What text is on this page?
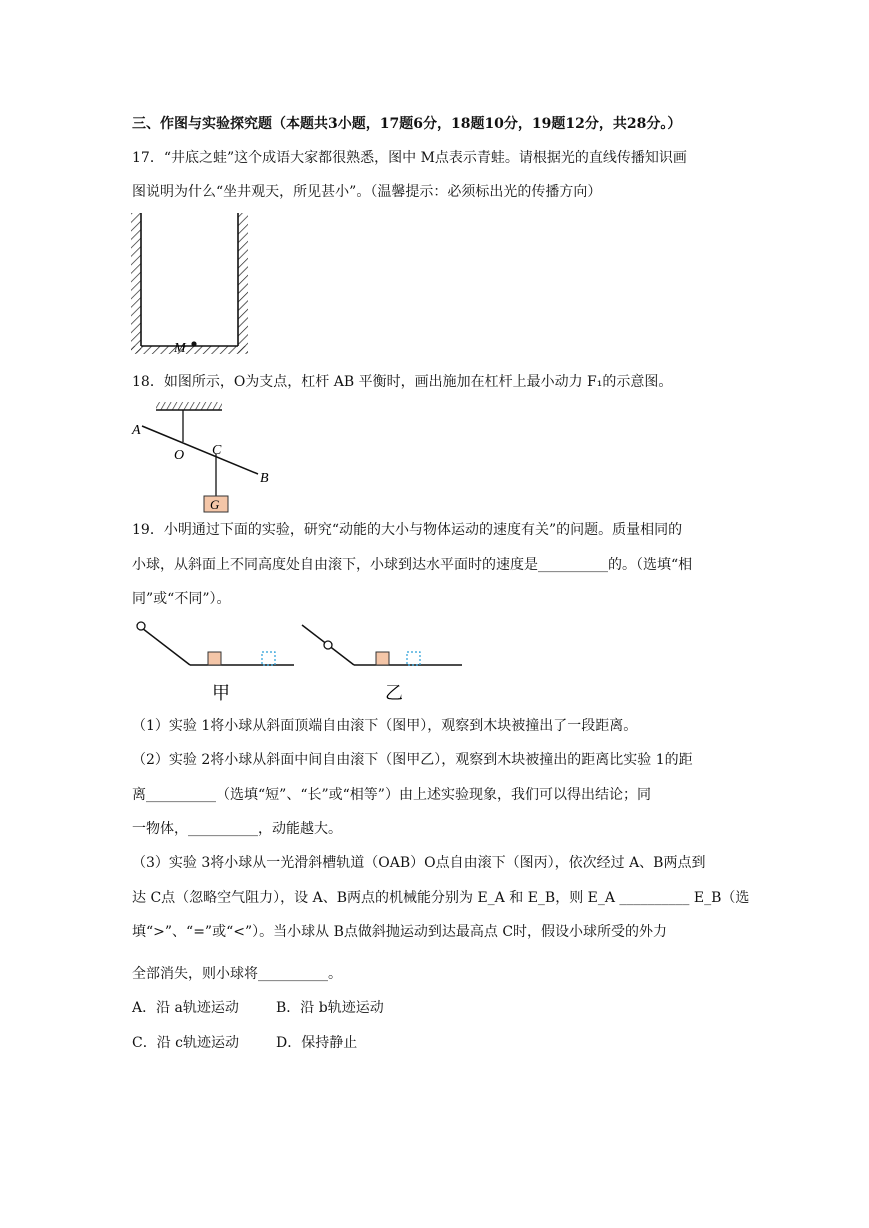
三、作图与实验探究题（本题共3小题，17题6分，18题10分，19题12分，共28分。）
17．“井底之蛙”这个成语大家都很熟悉，图中 M点表示青蛙。请根据光的直线传播知识画
图说明为什么“坐井观天，所见甚小”。（温馨提示：必须标出光的传播方向）
M
18．如图所示，O为支点，杠杆 AB 平衡时，画出施加在杠杆上最小动力 F₁的示意图。
A
O C
B
G
19．小明通过下面的实验，研究“动能的大小与物体运动的速度有关”的问题。质量相同的
小球，从斜面上不同高度处自由滚下，小球到达水平面时的速度是__________的。（选填“相
同”或“不同”）。
甲	乙
（1）实验 1将小球从斜面顶端自由滚下（图甲），观察到木块被撞出了一段距离。
（2）实验 2将小球从斜面中间自由滚下（图甲乙），观察到木块被撞出的距离比实验 1的距
离__________（选填“短”、“长”或“相等”）由上述实验现象，我们可以得出结论；同
一物体，__________，动能越大。
（3）实验 3将小球从一光滑斜槽轨道（OAB）O点自由滚下（图丙），依次经过 A、B两点到
达 C点（忽略空气阻力），设 A、B两点的机械能分别为 E_A 和 E_B，则 E_A __________ E_B（选
填“>”、“=”或“<”）。当小球从 B点做斜抛运动到达最高点 C时，假设小球所受的外力
全部消失，则小球将__________。
A．沿 a轨迹运动	B．沿 b轨迹运动
C．沿 c轨迹运动	D．保持静止
